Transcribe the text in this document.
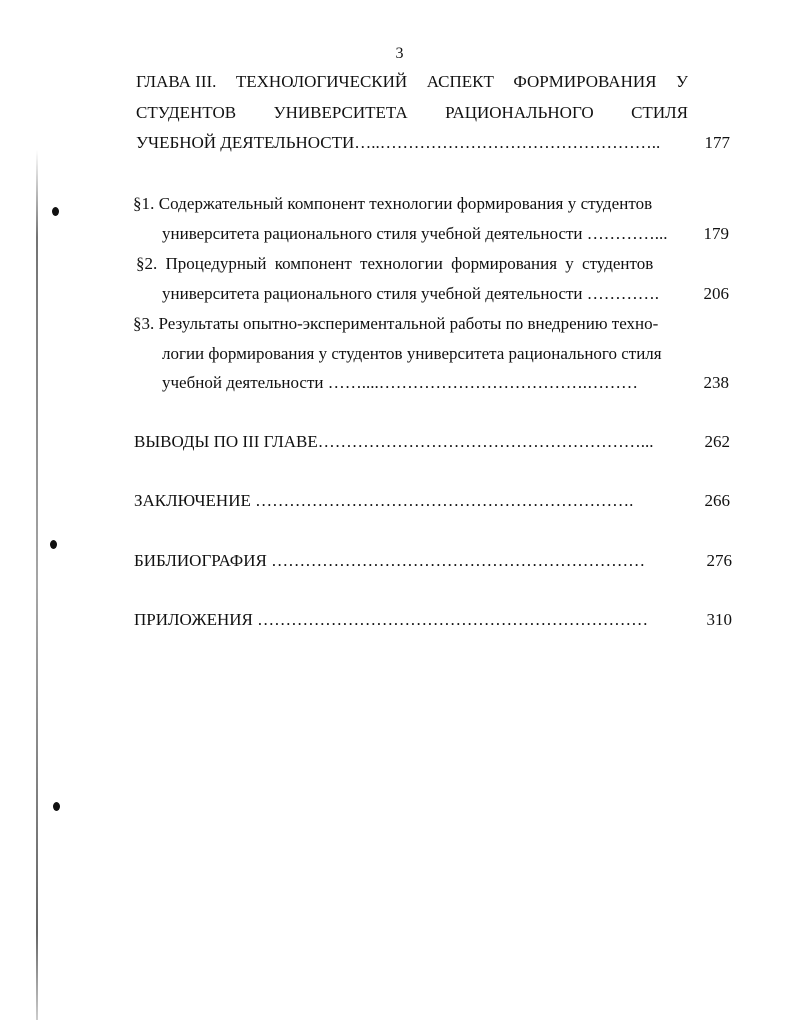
3
ГЛАВА III. ТЕХНОЛОГИЧЕСКИЙ АСПЕКТ ФОРМИРОВАНИЯ У
СТУДЕНТОВ УНИВЕРСИТЕТА РАЦИОНАЛЬНОГО СТИЛЯ
УЧЕБНОЙ ДЕЯТЕЛЬНОСТИ…..…………………………………………..	177
§1. Содержательный компонент технологии формирования у студентов
университета рационального стиля учебной деятельности …………...	179
§2. Процедурный компонент технологии формирования у студентов
университета рационального стиля учебной деятельности ………….	206
§3. Результаты опытно-экспериментальной работы по внедрению техно-
логии формирования у студентов университета рационального стиля
учебной деятельности ……....……………………………….………	238
ВЫВОДЫ ПО III ГЛАВЕ…………………………………………………...	262
ЗАКЛЮЧЕНИЕ ………………………………………………………….	266
БИБЛИОГРАФИЯ …………………………………………………………	276
ПРИЛОЖЕНИЯ ……………………………………………………………	310
